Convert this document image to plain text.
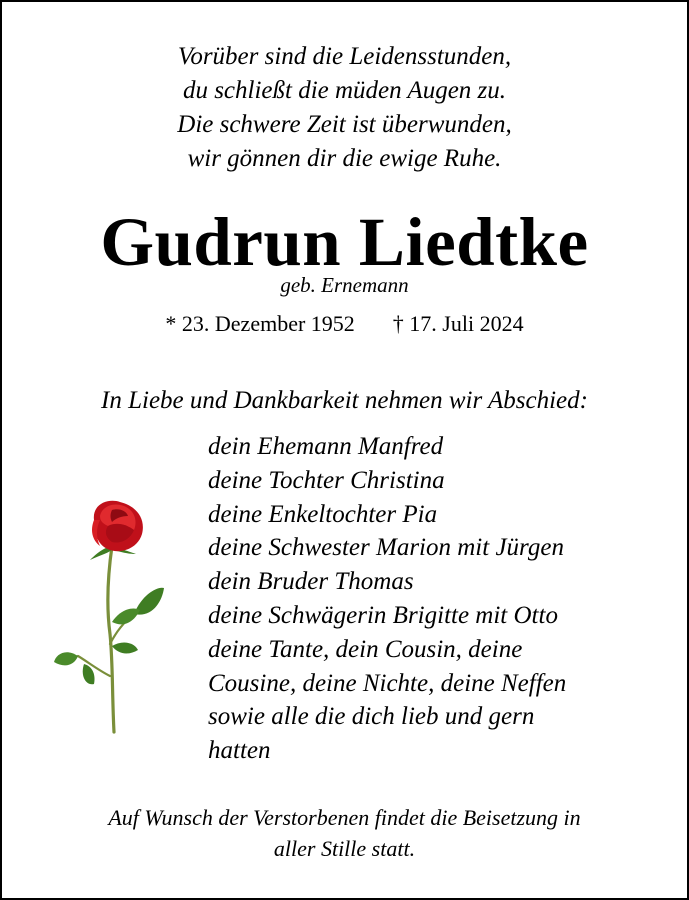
Vorüber sind die Leidensstunden,
du schließt die müden Augen zu.
Die schwere Zeit ist überwunden,
wir gönnen dir die ewige Ruhe.
Gudrun Liedtke
geb. Ernemann
* 23. Dezember 1952 † 17. Juli 2024
In Liebe und Dankbarkeit nehmen wir Abschied:
dein Ehemann Manfred
deine Tochter Christina
deine Enkeltochter Pia
deine Schwester Marion mit Jürgen
dein Bruder Thomas
deine Schwägerin Brigitte mit Otto
deine Tante, dein Cousin, deine
Cousine, deine Nichte, deine Neffen
sowie alle die dich lieb und gern
hatten
Auf Wunsch der Verstorbenen findet die Beisetzung in
aller Stille statt.
